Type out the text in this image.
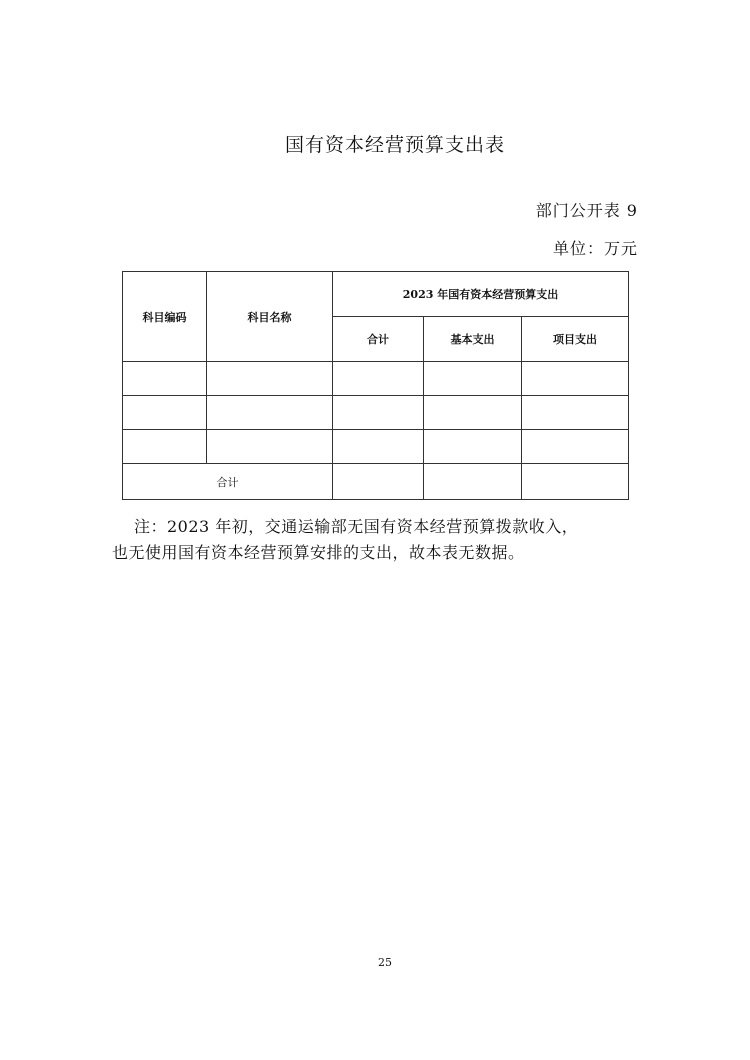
国有资本经营预算支出表
部门公开表 9
单位：万元
科目编码	科目名称	2023 年国有资本经营预算支出		
		合计	基本支出	项目支出

合计				

注：2023 年初，交通运输部无国有资本经营预算拨款收入，

也无使用国有资本经营预算安排的支出，故本表无数据。

25
